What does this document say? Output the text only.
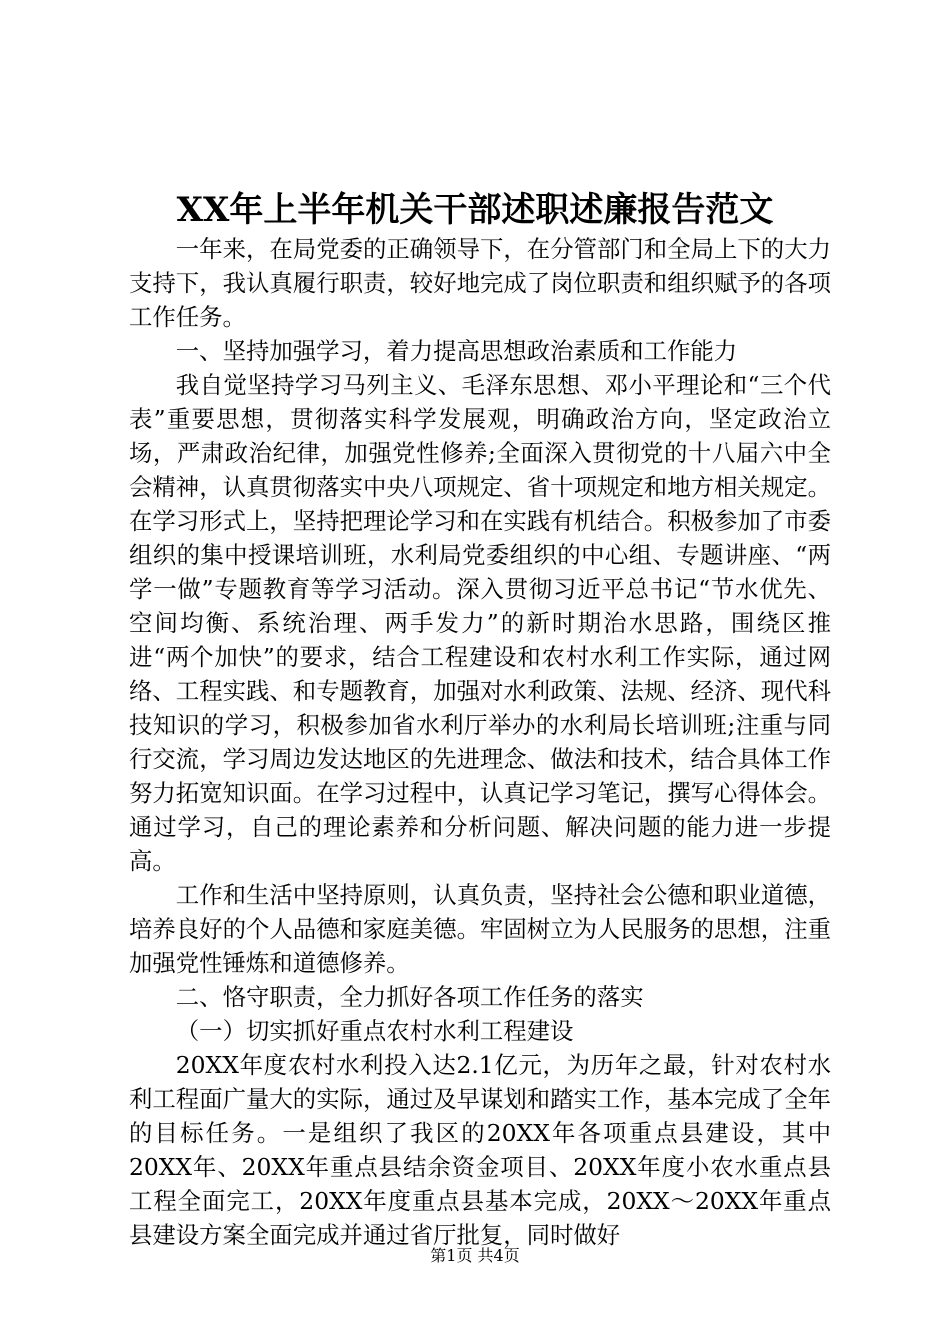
XX年上半年机关干部述职述廉报告范文

一年来，在局党委的正确领导下，在分管部门和全局上下的大力支持下，我认真履行职责，较好地完成了岗位职责和组织赋予的各项工作任务。

一、坚持加强学习，着力提高思想政治素质和工作能力

我自觉坚持学习马列主义、毛泽东思想、邓小平理论和“三个代表”重要思想，贯彻落实科学发展观，明确政治方向，坚定政治立场，严肃政治纪律，加强党性修养;全面深入贯彻党的十八届六中全会精神，认真贯彻落实中央八项规定、省十项规定和地方相关规定。在学习形式上，坚持把理论学习和在实践有机结合。积极参加了市委组织的集中授课培训班，水利局党委组织的中心组、专题讲座、“两学一做”专题教育等学习活动。深入贯彻习近平总书记“节水优先、空间均衡、系统治理、两手发力”的新时期治水思路，围绕区推进“两个加快”的要求，结合工程建设和农村水利工作实际，通过网络、工程实践、和专题教育，加强对水利政策、法规、经济、现代科技知识的学习，积极参加省水利厅举办的水利局长培训班;注重与同行交流，学习周边发达地区的先进理念、做法和技术，结合具体工作努力拓宽知识面。在学习过程中，认真记学习笔记，撰写心得体会。通过学习，自己的理论素养和分析问题、解决问题的能力进一步提高。

工作和生活中坚持原则，认真负责，坚持社会公德和职业道德，培养良好的个人品德和家庭美德。牢固树立为人民服务的思想，注重加强党性锤炼和道德修养。

二、恪守职责，全力抓好各项工作任务的落实

（一）切实抓好重点农村水利工程建设

20XX年度农村水利投入达2.1亿元，为历年之最，针对农村水利工程面广量大的实际，通过及早谋划和踏实工作，基本完成了全年的目标任务。一是组织了我区的20XX年各项重点县建设，其中20XX年、20XX年重点县结余资金项目、20XX年度小农水重点县工程全面完工，20XX年度重点县基本完成，20XX～20XX年重点县建设方案全面完成并通过省厅批复，同时做好

第1页 共4页
